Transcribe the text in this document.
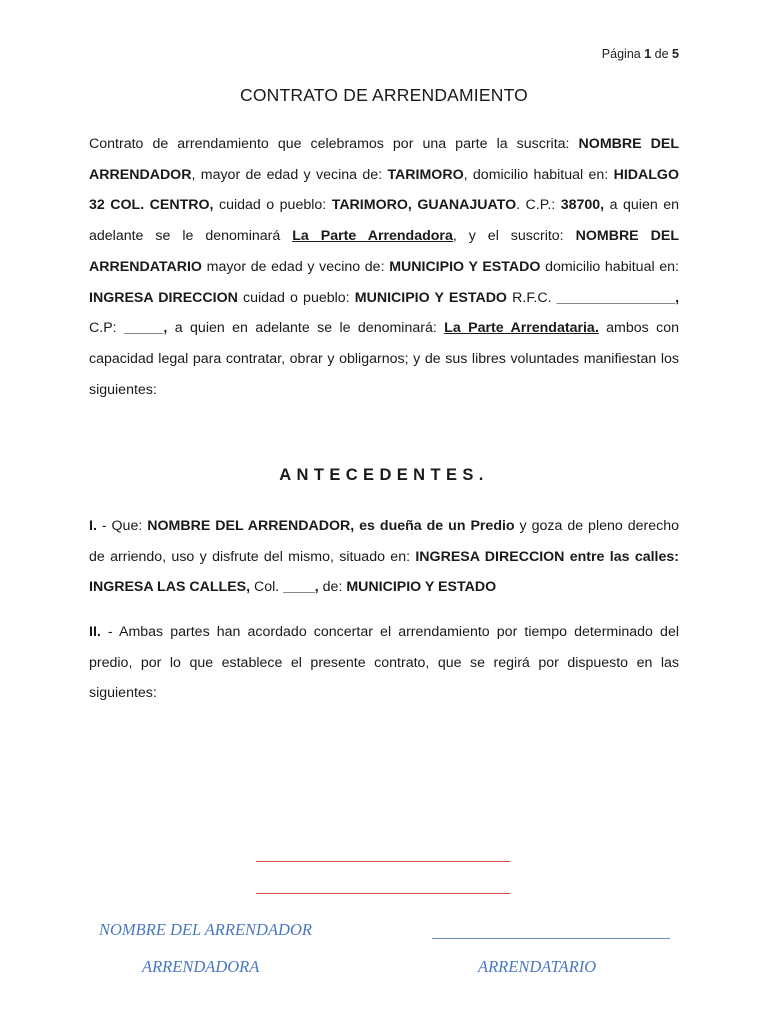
Página 1 de 5
CONTRATO DE ARRENDAMIENTO
Contrato de arrendamiento que celebramos por una parte la suscrita: NOMBRE DEL ARRENDADOR, mayor de edad y vecina de: TARIMORO, domicilio habitual en: HIDALGO 32 COL. CENTRO, cuidad o pueblo: TARIMORO, GUANAJUATO. C.P.: 38700, a quien en adelante se le denominará La Parte Arrendadora, y el suscrito: NOMBRE DEL ARRENDATARIO mayor de edad y vecino de: MUNICIPIO Y ESTADO domicilio habitual en: INGRESA DIRECCION cuidad o pueblo: MUNICIPIO Y ESTADO R.F.C. _______________, C.P: _____, a quien en adelante se le denominará: La Parte Arrendataria. ambos con capacidad legal para contratar, obrar y obligarnos; y de sus libres voluntades manifiestan los siguientes:
ANTECEDENTES.
I. - Que: NOMBRE DEL ARRENDADOR, es dueña de un Predio y goza de pleno derecho de arriendo, uso y disfrute del mismo, situado en: INGRESA DIRECCION entre las calles: INGRESA LAS CALLES, Col. ____, de: MUNICIPIO Y ESTADO
II. - Ambas partes han acordado concertar el arrendamiento por tiempo determinado del predio, por lo que establece el presente contrato, que se regirá por dispuesto en las siguientes:
NOMBRE DEL ARRENDADOR
ARRENDADORA	ARRENDATARIO
